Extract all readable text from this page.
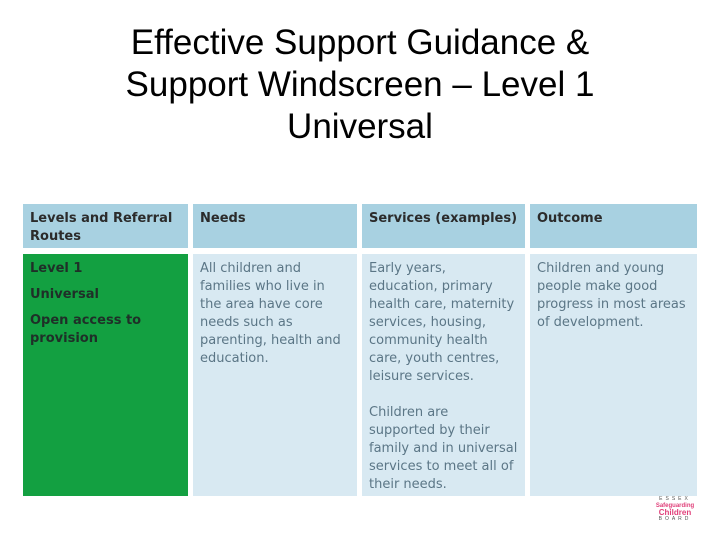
Effective Support Guidance &
Support Windscreen – Level 1
Universal
Levels and Referral Routes
Needs	Services (examples)	Outcome
Level 1
Universal
Open access to provision
All children and families who live in the area have core needs such as parenting, health and education.

Early years, education, primary health care, maternity services, housing, community health care, youth centres, leisure services.

Children are supported by their family and in universal services to meet all of their needs.

Children and young people make good progress in most areas of development.
ESSEX
Safeguarding
Children
BOARD
